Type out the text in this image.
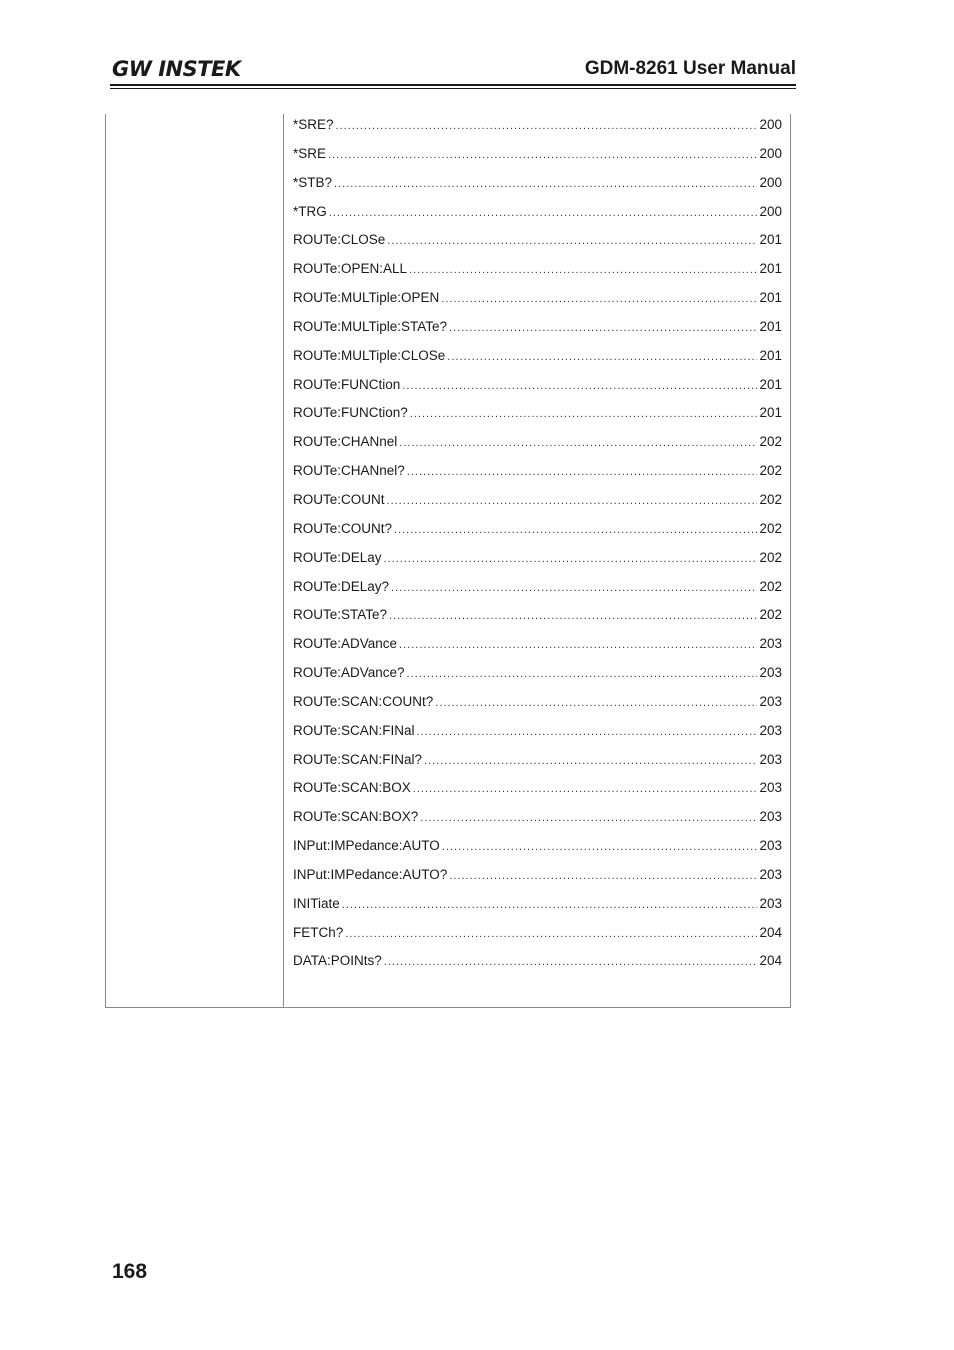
GW INSTEK	GDM-8261 User Manual
*SRE? .....	200
*SRE .....	200
*STB? .....	200
*TRG .....	200
ROUTe:CLOSe .....	201
ROUTe:OPEN:ALL .....	201
ROUTe:MULTiple:OPEN .....	201
ROUTe:MULTiple:STATe? .....	201
ROUTe:MULTiple:CLOSe .....	201
ROUTe:FUNCtion .....	201
ROUTe:FUNCtion? .....	201
ROUTe:CHANnel .....	202
ROUTe:CHANnel? .....	202
ROUTe:COUNt .....	202
ROUTe:COUNt? .....	202
ROUTe:DELay .....	202
ROUTe:DELay? .....	202
ROUTe:STATe? .....	202
ROUTe:ADVance .....	203
ROUTe:ADVance? .....	203
ROUTe:SCAN:COUNt? .....	203
ROUTe:SCAN:FINal .....	203
ROUTe:SCAN:FINal? .....	203
ROUTe:SCAN:BOX .....	203
ROUTe:SCAN:BOX? .....	203
INPut:IMPedance:AUTO .....	203
INPut:IMPedance:AUTO? .....	203
INITiate .....	203
FETCh? .....	204
DATA:POINts? .....	204
168
